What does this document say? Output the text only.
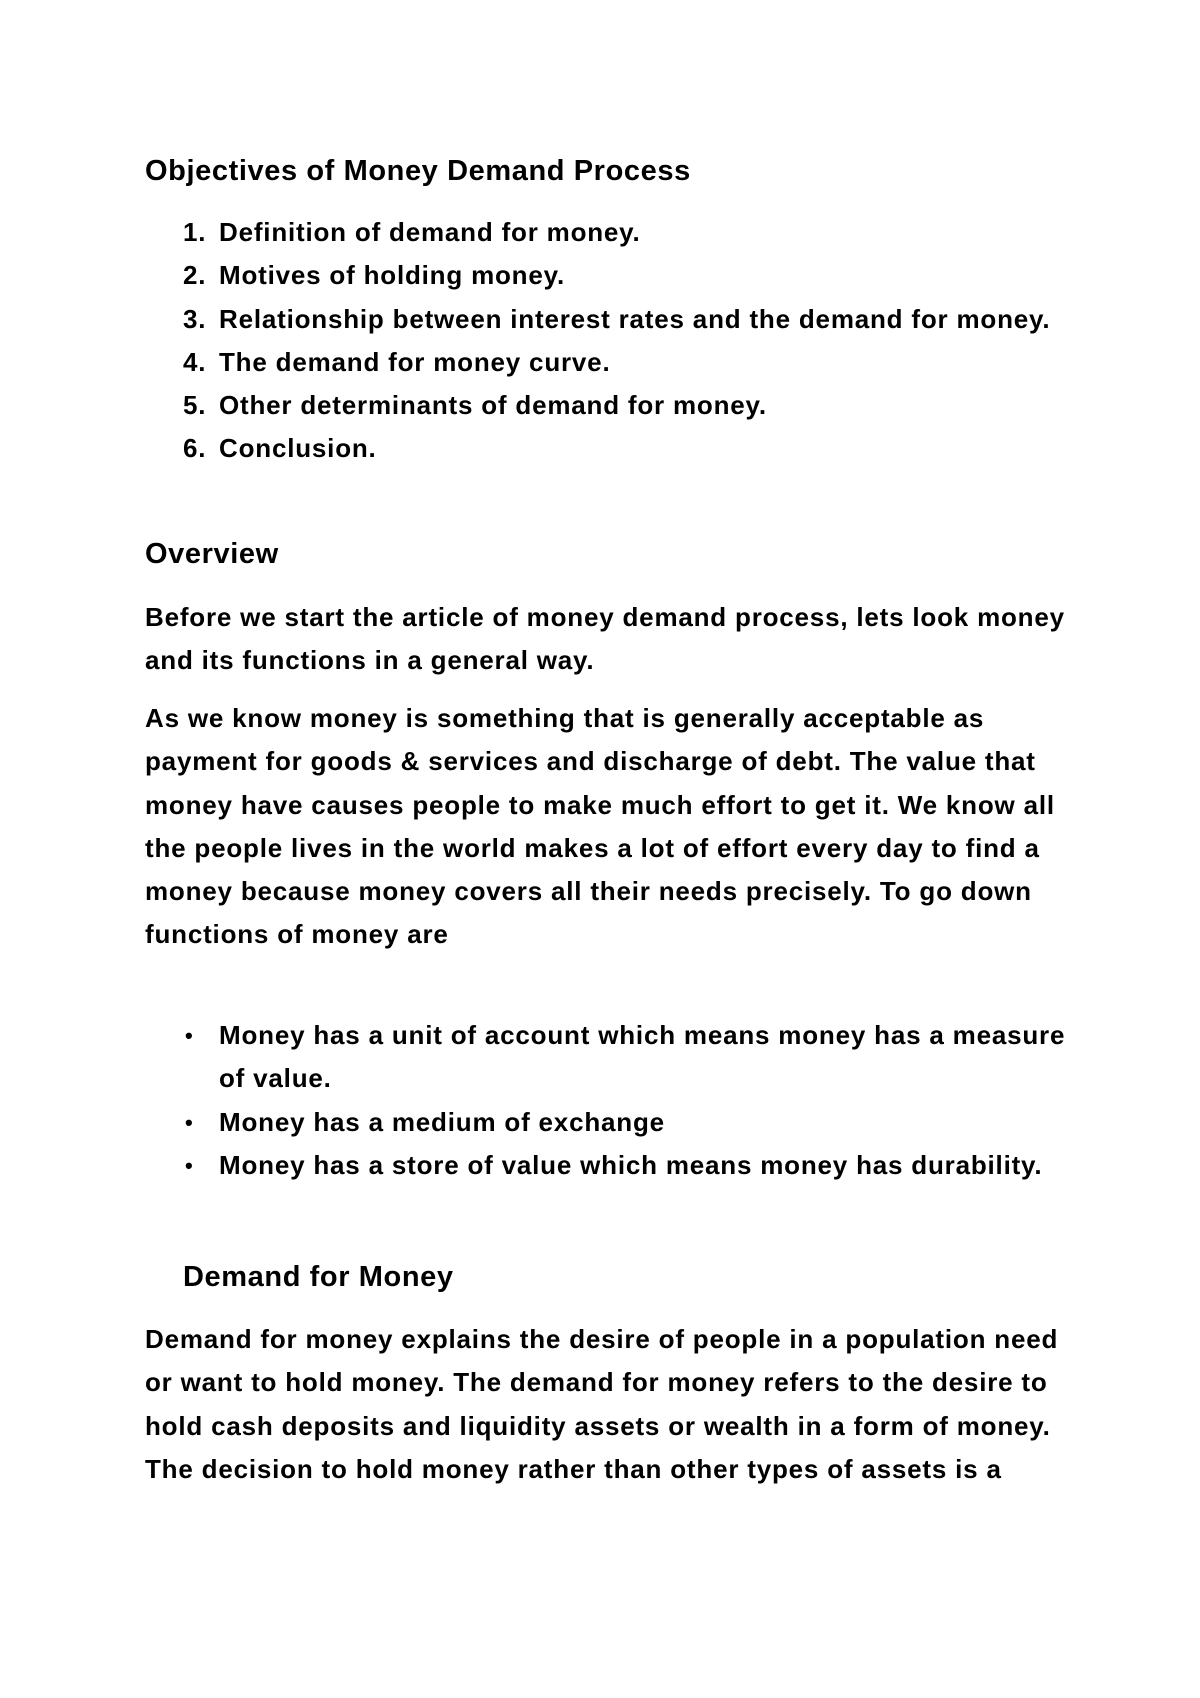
Objectives of Money Demand Process
1. Definition of demand for money.
2. Motives of holding money.
3. Relationship between interest rates and the demand for money.
4. The demand for money curve.
5. Other determinants of demand for money.
6. Conclusion.
Overview

Before we start the article of money demand process, lets look money and its functions in a general way.

As we know money is something that is generally acceptable as payment for goods & services and discharge of debt. The value that money have causes people to make much effort to get it. We know all the people lives in the world makes a lot of effort every day to find a money because money covers all their needs precisely. To go down functions of money are

• Money has a unit of account which means money has a measure of value.
• Money has a medium of exchange
• Money has a store of value which means money has durability.
Demand for Money

Demand for money explains the desire of people in a population need or want to hold money. The demand for money refers to the desire to hold cash deposits and liquidity assets or wealth in a form of money. The decision to hold money rather than other types of assets is a
